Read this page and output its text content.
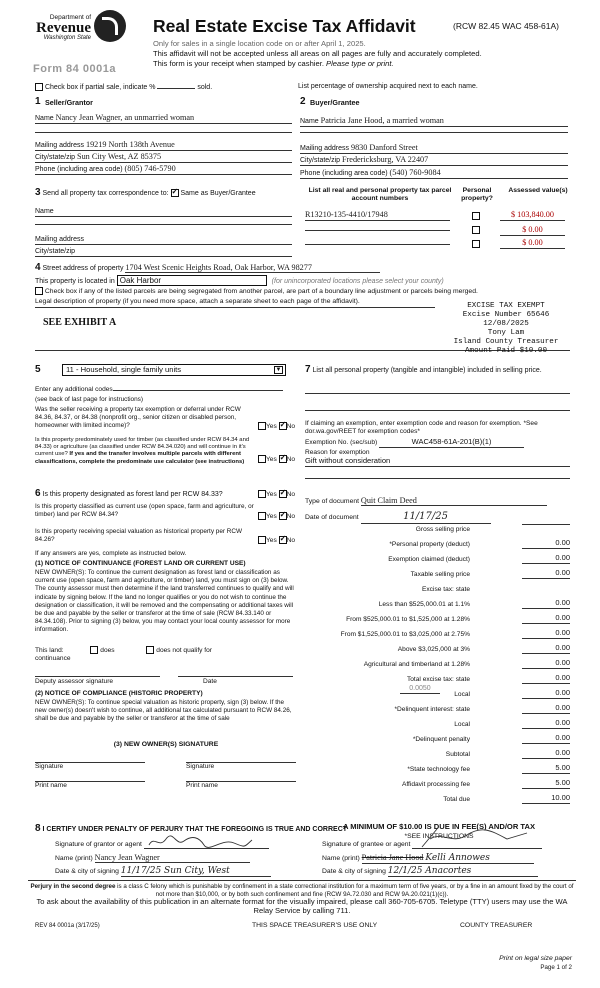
Department of
Revenue
Washington State
Form 84 0001a
Real Estate Excise Tax Affidavit	(RCW 82.45 WAC 458-61A)
Only for sales in a single location code on or after April 1, 2025.
This affidavit will not be accepted unless all areas on all pages are fully and accurately completed.
This form is your receipt when stamped by cashier. Please type or print.
Check box if partial sale, indicate %	sold.	List percentage of ownership acquired next to each name.
1 Seller/Grantor
Name Nancy Jean Wagner, an unmarried woman
Mailing address 19219 North 138th Avenue
City/state/zip Sun City West, AZ 85375
Phone (including area code) (805) 746-5790
2 Buyer/Grantee
Name Patricia Jane Hood, a married woman
Mailing address 9830 Danford Street
City/state/zip Fredericksburg, VA 22407
Phone (including area code) (540) 760-9084
3 Send all property tax correspondence to: ✓ Same as Buyer/Grantee
Name
Mailing address
City/state/zip
List all real and personal property tax parcel account numbers
Personal property?
Assessed value(s)
R13210-135-4410/17948	$ 103,840.00
$ 0.00
$ 0.00
4 Street address of property 1704 West Scenic Heights Road, Oak Harbor, WA 98277
This property is located in Oak Harbor	(for unincorporated locations please select your county)
Check box if any of the listed parcels are being segregated from another parcel, are part of a boundary line adjustment or parcels being merged.
Legal description of property (if you need more space, attach a separate sheet to each page of the affidavit).
SEE EXHIBIT A
EXCISE TAX EXEMPT
Excise Number 65646
12/08/2025
Tony Lam
Island County Treasurer
Amount Paid $10.00
5	11 - Household, single family units	▼
Enter any additional codes
(see back of last page for instructions)
Was the seller receiving a property tax exemption or deferral under RCW 84.36, 84.37, or 84.38 (nonprofit org., senior citizen or disabled person, homeowner with limited income)?	Yes ✓ No
Is this property predominately used for timber (as classified under RCW 84.34 and 84.33) or agriculture (as classified under RCW 84.34.020) and will continue in it's current use? If yes and the transfer involves multiple parcels with different classifications, complete the predominate use calculator (see instructions)	Yes ✓ No
6 Is this property designated as forest land per RCW 84.33?	Yes ✓ No
Is this property classified as current use (open space, farm and agriculture, or timber) land per RCW 84.34?	Yes ✓ No
Is this property receiving special valuation as historical property per RCW 84.26?	Yes ✓ No
If any answers are yes, complete as instructed below.
(1) NOTICE OF CONTINUANCE (FOREST LAND OR CURRENT USE)
NEW OWNER(S): To continue the current designation as forest land or classification as current use (open space, farm and agriculture, or timber) land, you must sign on (3) below. The county assessor must then determine if the land transferred continues to qualify and will indicate by signing below. If the land no longer qualifies or you do not wish to continue the designation or classification, it will be removed and the compensating or additional taxes will be due and payable by the seller or transferor at the time of sale (RCW 84.33.140 or 84.34.108). Prior to signing (3) below, you may contact your local county assessor for more information.
This land:	does	does not qualify for
continuance
Deputy assessor signature	Date
(2) NOTICE OF COMPLIANCE (HISTORIC PROPERTY)
NEW OWNER(S): To continue special valuation as historic property, sign (3) below. If the new owner(s) doesn't wish to continue, all additional tax calculated pursuant to RCW 84.26, shall be due and payable by the seller or transferor at the time of sale
(3) NEW OWNER(S) SIGNATURE
Signature	Signature
Print name	Print name
7 List all personal property (tangible and intangible) included in selling price.
If claiming an exemption, enter exemption code and reason for exemption. *See dor.wa.gov/REET for exemption codes*
Exemption No. (sec/sub)	WAC458-61A-201(B)(1)
Reason for exemption
Gift without consideration
Type of document Quit Claim Deed
Date of document	11/17/25
Gross selling price
*Personal property (deduct)	0.00
Exemption claimed (deduct)	0.00
Taxable selling price	0.00
Excise tax: state
Less than $525,000.01 at 1.1%	0.00
From $525,000.01 to $1,525,000 at 1.28%	0.00
From $1,525,000.01 to $3,025,000 at 2.75%	0.00
Above $3,025,000 at 3%	0.00
Agricultural and timberland at 1.28%	0.00
Total excise tax: state	0.00
Local	0.00
*Delinquent interest: state	0.00
Local	0.00
*Delinquent penalty	0.00
Subtotal	0.00
*State technology fee	5.00
Affidavit processing fee	5.00
Total due	10.00
0.0050
A MINIMUM OF $10.00 IS DUE IN FEE(S) AND/OR TAX
*SEE INSTRUCTIONS
8 I CERTIFY UNDER PENALTY OF PERJURY THAT THE FOREGOING IS TRUE AND CORRECT
Signature of grantor or agent
Name (print) Nancy Jean Wagner
Date & city of signing 11/17/25 Sun City, West
Signature of grantee or agent
Name (print) Patricia Jane Hood Kelli Annowes
Date & city of signing 12/1/25 Anacortes
Perjury in the second degree is a class C felony which is punishable by confinement in a state correctional institution for a maximum term of five years, or by a fine in an amount fixed by the court of not more than $10,000, or by both such confinement and fine (RCW 9A.72.030 and RCW 9A.20.021(1)(c)).
To ask about the availability of this publication in an alternate format for the visually impaired, please call 360-705-6705. Teletype (TTY) users may use the WA Relay Service by calling 711.
REV 84 0001a (3/17/25)	THIS SPACE TREASURER'S USE ONLY	COUNTY TREASURER
Print on legal size paper
Page 1 of 2
